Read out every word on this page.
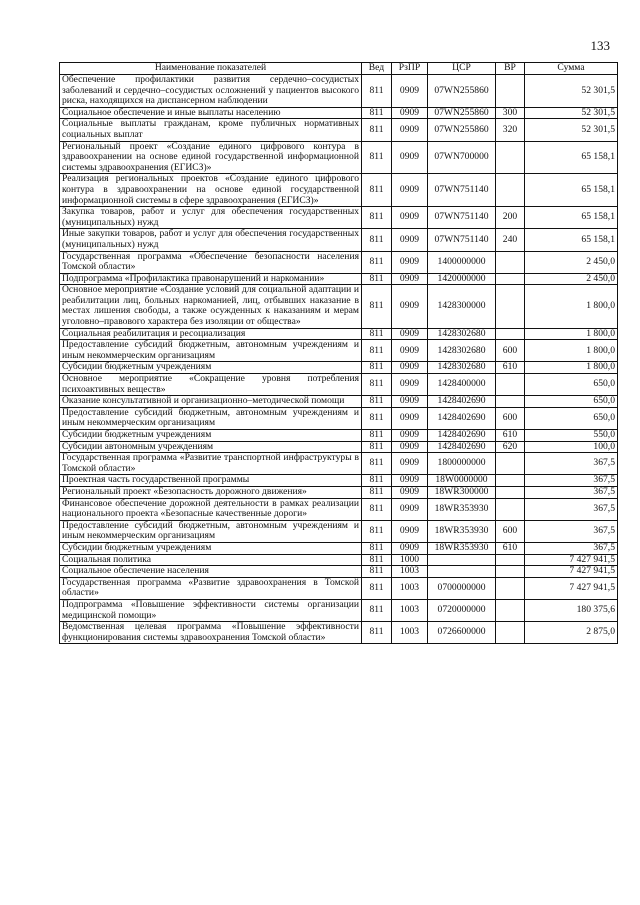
133
Наименование показателей	Вед	РзПР	ЦСР	ВР	Сумма
Обеспечение профилактики развития сердечно–сосудистых заболеваний и сердечно–сосудистых осложнений у пациентов высокого риска, находящихся на диспансерном наблюдении	811	0909	07WN255860		52 301,5
Социальное обеспечение и иные выплаты населению	811	0909	07WN255860	300	52 301,5
Социальные выплаты гражданам, кроме публичных нормативных социальных выплат	811	0909	07WN255860	320	52 301,5
Региональный проект «Создание единого цифрового контура в здравоохранении на основе единой государственной информационной системы здравоохранения (ЕГИСЗ)»	811	0909	07WN700000		65 158,1
Реализация региональных проектов «Создание единого цифрового контура в здравоохранении на основе единой государственной информационной системы в сфере здравоохранения (ЕГИСЗ)»	811	0909	07WN751140		65 158,1
Закупка товаров, работ и услуг для обеспечения государственных (муниципальных) нужд	811	0909	07WN751140	200	65 158,1
Иные закупки товаров, работ и услуг для обеспечения государственных (муниципальных) нужд	811	0909	07WN751140	240	65 158,1
Государственная программа «Обеспечение безопасности населения Томской области»	811	0909	1400000000		2 450,0
Подпрограмма «Профилактика правонарушений и наркомании»	811	0909	1420000000		2 450,0
Основное мероприятие «Создание условий для социальной адаптации и реабилитации лиц, больных наркоманией, лиц, отбывших наказание в местах лишения свободы, а также осужденных к наказаниям и мерам уголовно–правового характера без изоляции от общества»	811	0909	1428300000		1 800,0
Социальная реабилитация и ресоциализация	811	0909	1428302680		1 800,0
Предоставление субсидий бюджетным, автономным учреждениям и иным некоммерческим организациям	811	0909	1428302680	600	1 800,0
Субсидии бюджетным учреждениям	811	0909	1428302680	610	1 800,0
Основное мероприятие «Сокращение уровня потребления психоактивных веществ»	811	0909	1428400000		650,0
Оказание консультативной и организационно–методической помощи	811	0909	1428402690		650,0
Предоставление субсидий бюджетным, автономным учреждениям и иным некоммерческим организациям	811	0909	1428402690	600	650,0
Субсидии бюджетным учреждениям	811	0909	1428402690	610	550,0
Субсидии автономным учреждениям	811	0909	1428402690	620	100,0
Государственная программа «Развитие транспортной инфраструктуры в Томской области»	811	0909	1800000000		367,5
Проектная часть государственной программы	811	0909	18W0000000		367,5
Региональный проект «Безопасность дорожного движения»	811	0909	18WR300000		367,5
Финансовое обеспечение дорожной деятельности в рамках реализации национального проекта «Безопасные качественные дороги»	811	0909	18WR353930		367,5
Предоставление субсидий бюджетным, автономным учреждениям и иным некоммерческим организациям	811	0909	18WR353930	600	367,5
Субсидии бюджетным учреждениям	811	0909	18WR353930	610	367,5
Социальная политика	811	1000			7 427 941,5
Социальное обеспечение населения	811	1003			7 427 941,5
Государственная программа «Развитие здравоохранения в Томской области»	811	1003	0700000000		7 427 941,5
Подпрограмма «Повышение эффективности системы организации медицинской помощи»	811	1003	0720000000		180 375,6
Ведомственная целевая программа «Повышение эффективности функционирования системы здравоохранения Томской области»	811	1003	0726600000		2 875,0
